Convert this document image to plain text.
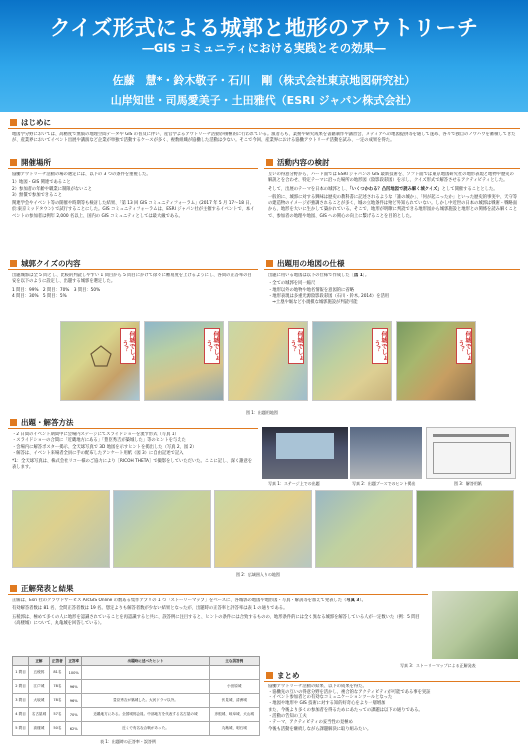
クイズ形式による城郭と地形のアウトリーチ
―GIS コミュニティにおける実践とその効果―
佐藤　慧*・鈴木敬子・石川　剛（株式会社東京地図研究社）
山岸知世・司馬愛美子・土田雅代（ESRI ジャパン株式会社）
はじめに
地図学分野においては、高精度で無償の地理空間データや GIS の普及に伴い、産官学よるアウトリーチ活動が積極的に行われている。演者らも、業務や研究成果を書籍制作や講習会、メディアへの地図提供等を通して遂め、各々で独自のノウハウを蓄積してきたが、産業界においてイベント出展や講演など企業が単独で活動するケースが多く、複数組織が協働した活動は少ない。そこで今回、産業界における協働アウトリーチ活動を試み、一定の成果を得た。
開催場所

協働アウトリーチ活動の場の選定には、以下の 3 つの条件を重視した。

1）地図・GIS 関連であること

2）参加者の年齢や職業に制限がないこと

3）無償で参加できること

関連学会やイベント等の開催や時期等も検討した結果、「第 13 回 GIS コミュニティフォーラム」(2017 年 5 月 17～18 日, 於:東京ミッドタウン) で試行することにした。GIS コミュニティフォーラムは、ESRI ジャパン社が主催するイベントで、本イベントの参加者は例年 2,000 名以上、国内の GIS コミュニティとしては最大級である。

活動内容の検討

互いの得意分野から、ハード面では ESRI ジャパンの GIS 最新技術を、ソフト面では東京地図研究社の地形表現と地物や歴史の解説とを合わせ、特定テーマに沿った場所の地形図（陰影段彩図）を示し、クイズ形式で解答させるアクティビティとした。

そして、出展のテーマを日本の城郭とし、「いくつかわる？凸凹地図で読み解く城クイズ」として開催することとした。

一般的に、城郭に対する興味は歴史の教科書に記述されるような「誰の城か」、「何が起こったか」といった歴史的事実や、天守等の建造物のイメージが強調されることが多く、城の立地条件は殆ど外知られていない。しかし中近世の日本の城郭は戦術・戦略面から、地形を大いに生かして築かれている。そこで、地形が明瞭に判読できる地形図から城郭施設と地形との関係を読み解くことで、参加者の地理や地図、GIS への関心の向上に繋げることを目的とした。

城郭クイズの内容

出題城郭は全 5 問とし、比較的判読しやすい 1 問目から 5 問目にかけて徐々に難易度を上げるようにし、各問の正答率の目安を以下のように設定し、出題する城郭を選定した。

1 問目：99%　 2 問目：70%　 3 問目：50%

4 問目：30%　 5 問目：5%

出題用の地図の仕様

出題に用いる地図は以下の仕様で作成した［図 1］。

・全ての城郭を同一縮尺

・地形以外の地物や地名情報を意図的に省略

・地形表現は多重光源陰影段彩図（石川・鈴木, 2014）を活用

　⇒土塁や堀など小規模な城郭施設が判読可能

何城でしょう？	何城でしょう？	何城でしょう？	何城でしょう？	何城でしょう？
図 1：出題用地図
出題・解答方法

・2 日間のイベント期間中に会場内ステージにてスライドショーを流す形式（写真 1）

・スライドショーの合間に「近畿地方にある」「豊臣秀吉が築城した」等のヒントを与えた

・会場内に解答ポスター掲示、全天球写真で 3D 地図を示すヒントを掲出した（写真 2，図 2）

・解答は、イベント来場者全員に手の配布したアンケート用紙（図 3）に自由記述で記入

*1：全天球写真は、株式会社リコー様のご協力により［RICOH THETA］で撮影をしていただいた。ここに記し、深く謝意を表します。

写真 1：ステージ上での出題	写真 2：出題ブースでのヒント掲出	図 3：解答用紙
図 2：広域囲入りの地図
正解発表と結果

正解は、Esri 社のクラウドサービス ArcGIS Online の数ある集作アプリの 1 つ「ストーリーマップ」をベースに、各城郭の地図や地形図・写真・解説等を加えて発表した（写真 3）。

有効解答者数は 81 名、全問正答者数は 19 名。想定よりも解答者数が少ない結果となったが、出題時の正答率と評答率は表 1 の通りである。

五稜郭は、極めて多くの人に地形を認識されていることを再認識すると共に、誤答例に注目すると、ヒントの条件には合致するものの、地形条件的には全く異なる城郭を解答している人が一定数いた（例：5 問目（高楼城）について、丸亀城を回答している）。

	正解	正答者	正答率	出題時に述べたヒント	主な誤答例
1 問目	五稜郭	81名	100%		
2 問目	江戸城	78名	96%		小田原城
3 問目	大坂城	78名	96%	豊臣秀吉が築城した。大河ドラマ以外。	伏見城、清洲城
4 問目	名古屋城	57名	70%	近畿地方にある。全国城郭会員。中部地方を代表する名古屋の城	彦根城、岐阜城、犬山城
5 問目	高楼城	50名	62%	近くで有名な合戦があった。	丸亀城、明石城
表 1：出題時の正答率・誤答例
写真 3：ストーリーマップによる正解発表
まとめ

協働アウトリーチ活動の結果、以下の成果を得た。

・協働先の互いの得意分野を活かし、複合的なアクティビティが可能である事を実証

・イベント参加者との有効なコミュニケーションツールとなった

・地図や地形や GIS 技術に対する知的好奇心をより一層増加

また、今後より多くの参加者を得るためにあたっての課題は以下の通りである。

・活動の告知の工夫

・テーマ、アクティビティの妥当性の見極め

今後も活動を継続しながら課題解決に取り組みたい。
